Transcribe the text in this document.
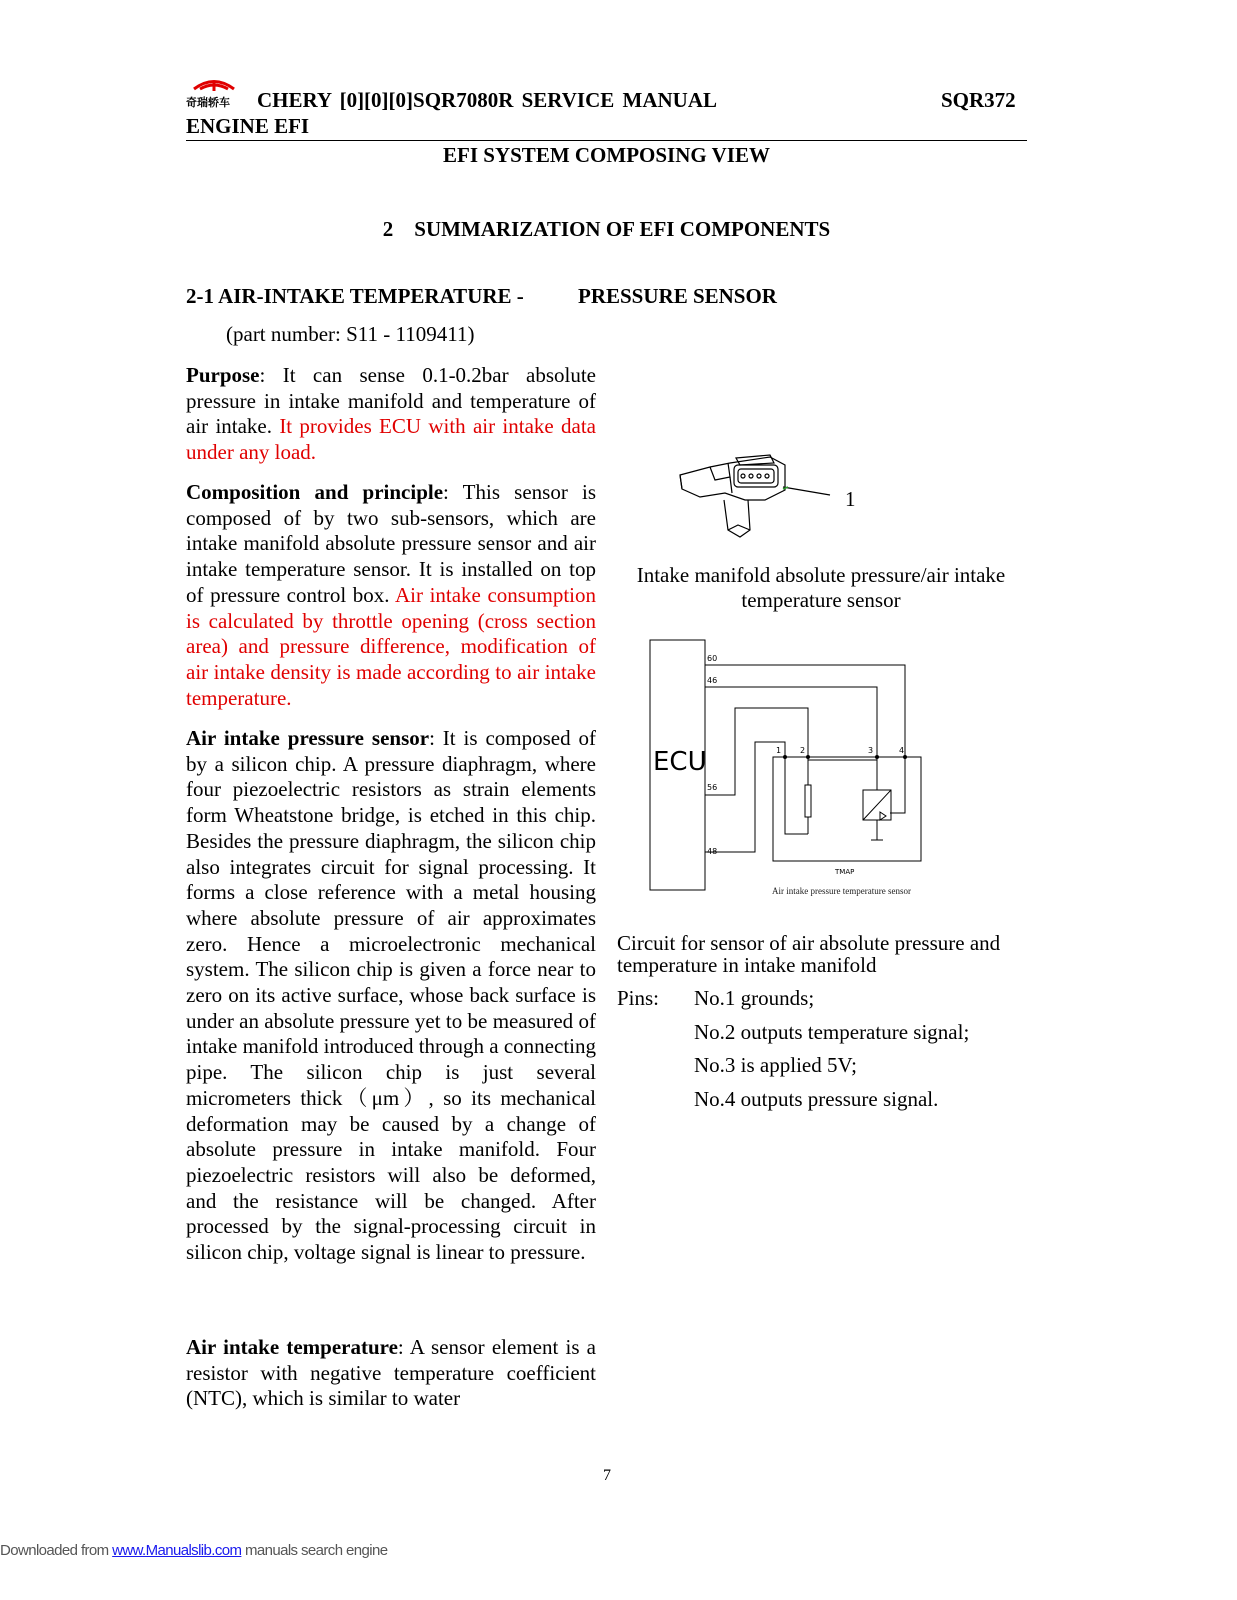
奇瑞轿车 CHERY [0][0][0]SQR7080R SERVICE MANUAL	SQR372
ENGINE EFI
EFI SYSTEM COMPOSING VIEW
2　SUMMARIZATION OF EFI COMPONENTS
2-1 AIR-INTAKE TEMPERATURE -	PRESSURE SENSOR
(part number: S11 - 1109411)

Purpose: It can sense 0.1-0.2bar absolute pressure in intake manifold and temperature of air intake. It provides ECU with air intake data under any load.

Composition and principle: This sensor is composed of by two sub-sensors, which are intake manifold absolute pressure sensor and air intake temperature sensor. It is installed on top of pressure control box. Air intake consumption is calculated by throttle opening (cross section area) and pressure difference, modification of air intake density is made according to air intake temperature.

Air intake pressure sensor: It is composed of by a silicon chip. A pressure diaphragm, where four piezoelectric resistors as strain elements form Wheatstone bridge, is etched in this chip. Besides the pressure diaphragm, the silicon chip also integrates circuit for signal processing. It forms a close reference with a metal housing where absolute pressure of air approximates zero. Hence a microelectronic mechanical system. The silicon chip is given a force near to zero on its active surface, whose back surface is under an absolute pressure yet to be measured of intake manifold introduced through a connecting pipe. The silicon chip is just several micrometers thick（μm）, so its mechanical deformation may be caused by a change of absolute pressure in intake manifold. Four piezoelectric resistors will also be deformed, and the resistance will be changed. After processed by the signal-processing circuit in silicon chip, voltage signal is linear to pressure.

Air intake temperature: A sensor element is a resistor with negative temperature coefficient (NTC), which is similar to water

1
Intake manifold absolute pressure/air intake temperature sensor
ECU
60
46
56
48
1 2	3	4
TMAP
Air intake pressure temperature sensor
Circuit for sensor of air absolute pressure and temperature in intake manifold
Pins: No.1 grounds;
No.2 outputs temperature signal;
No.3 is applied 5V;
No.4 outputs pressure signal.
7
Downloaded from www.Manualslib.com manuals search engine
